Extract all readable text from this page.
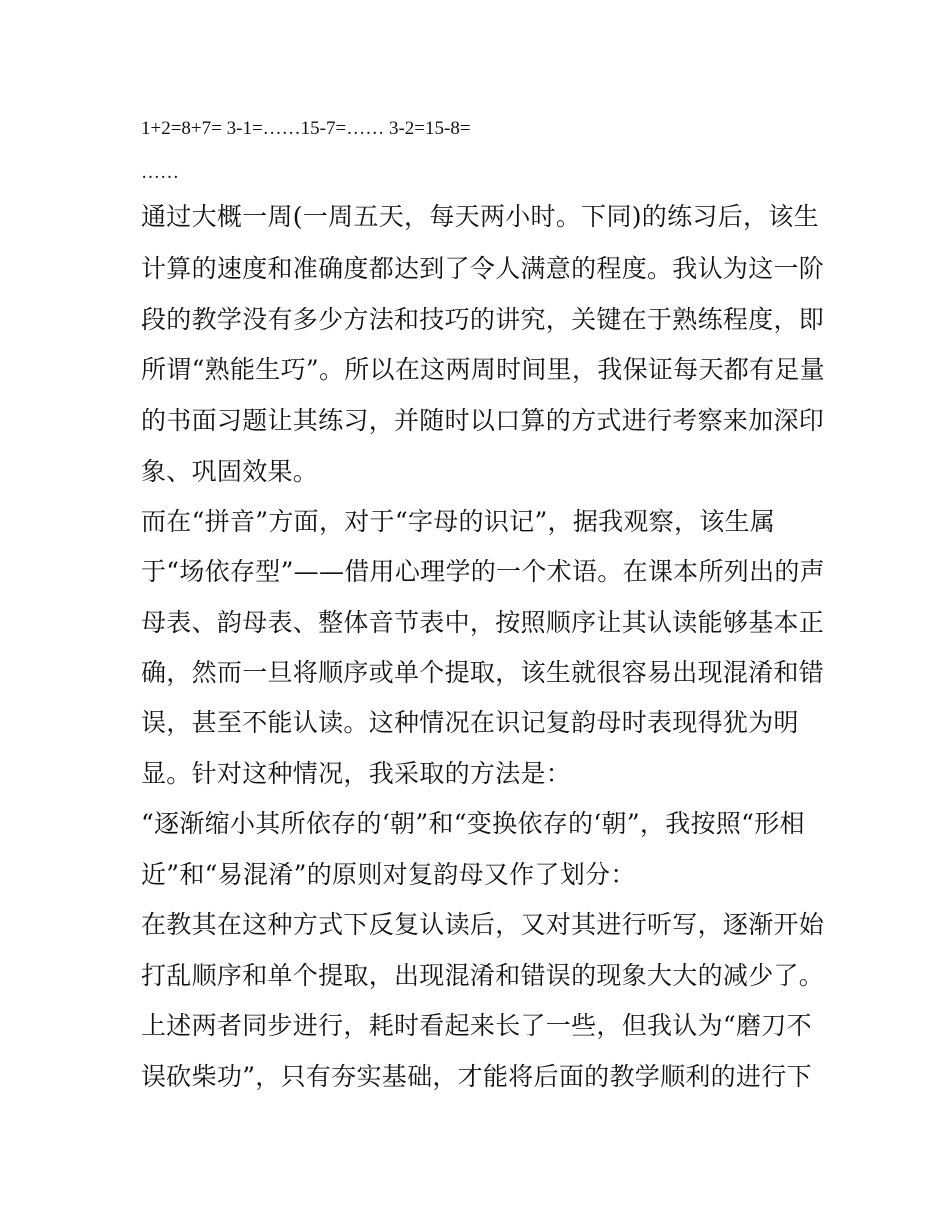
1+2=8+7= 3-1=……15-7=…… 3-2=15-8=
……
通过大概一周(一周五天，每天两小时。下同)的练习后，该生
计算的速度和准确度都达到了令人满意的程度。我认为这一阶
段的教学没有多少方法和技巧的讲究，关键在于熟练程度，即
所谓“熟能生巧”。所以在这两周时间里，我保证每天都有足量
的书面习题让其练习，并随时以口算的方式进行考察来加深印
象、巩固效果。
而在“拼音”方面，对于“字母的识记”，据我观察，该生属
于“场依存型”——借用心理学的一个术语。在课本所列出的声
母表、韵母表、整体音节表中，按照顺序让其认读能够基本正
确，然而一旦将顺序或单个提取，该生就很容易出现混淆和错
误，甚至不能认读。这种情况在识记复韵母时表现得犹为明
显。针对这种情况，我采取的方法是：
“逐渐缩小其所依存的‘朝”和“变换依存的‘朝”，我按照“形相
近”和“易混淆”的原则对复韵母又作了划分：
在教其在这种方式下反复认读后，又对其进行听写，逐渐开始
打乱顺序和单个提取，出现混淆和错误的现象大大的减少了。
上述两者同步进行，耗时看起来长了一些，但我认为“磨刀不
误砍柴功”，只有夯实基础，才能将后面的教学顺利的进行下
